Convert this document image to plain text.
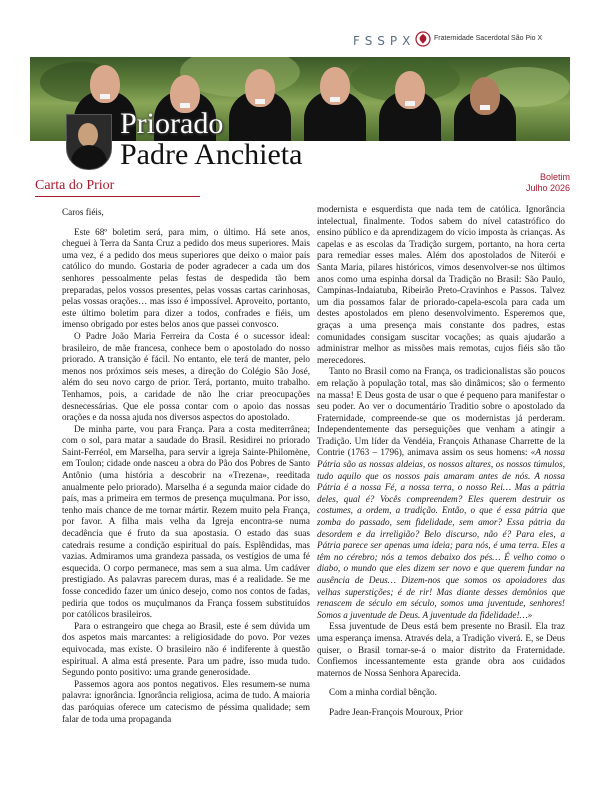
FSSPX	Fraternidade Sacerdotal São Pio X
Priorado
Padre Anchieta
Carta do Prior
Boletim
Julho 2026

Caros fiéis,

Este 68º boletim será, para mim, o último. Há sete anos, cheguei à Terra da Santa Cruz a pedido dos meus superiores. Mais uma vez, é a pedido dos meus superiores que deixo o maior país católico do mundo. Gostaria de poder agradecer a cada um dos senhores pessoalmente pelas festas de despedida tão bem preparadas, pelos vossos presentes, pelas vossas cartas carinhosas, pelas vossas orações… mas isso é impossível. Aproveito, portanto, este último boletim para dizer a todos, confrades e fiéis, um imenso obrigado por estes belos anos que passei convosco.

O Padre João Maria Ferreira da Costa é o sucessor ideal: brasileiro, de mãe francesa, conhece bem o apostolado do nosso priorado. A transição é fácil. No entanto, ele terá de manter, pelo menos nos próximos seis meses, a direção do Colégio São José, além do seu novo cargo de prior. Terá, portanto, muito trabalho. Tenhamos, pois, a caridade de não lhe criar preocupações desnecessárias. Que ele possa contar com o apoio das nossas orações e da nossa ajuda nos diversos aspectos do apostolado.

De minha parte, vou para França. Para a costa mediterrânea; com o sol, para matar a saudade do Brasil. Residirei no priorado Saint-Ferréol, em Marselha, para servir a igreja Sainte-Philomène, em Toulon; cidade onde nasceu a obra do Pão dos Pobres de Santo Antônio (uma história a descobrir na «Trezena», reeditada anualmente pelo priorado). Marselha é a segunda maior cidade do país, mas a primeira em termos de presença muçulmana. Por isso, tenho mais chance de me tornar mártir. Rezem muito pela França, por favor. A filha mais velha da Igreja encontra-se numa decadência que é fruto da sua apostasia. O estado das suas catedrais resume a condição espiritual do país. Esplêndidas, mas vazias. Admiramos uma grandeza passada, os vestígios de uma fé esquecida. O corpo permanece, mas sem a sua alma. Um cadáver prestigiado. As palavras parecem duras, mas é a realidade. Se me fosse concedido fazer um único desejo, como nos contos de fadas, pediria que todos os muçulmanos da França fossem substituídos por católicos brasileiros.

Para o estrangeiro que chega ao Brasil, este é sem dúvida um dos aspetos mais marcantes: a religiosidade do povo. Por vezes equivocada, mas existe. O brasileiro não é indiferente à questão espiritual. A alma está presente. Para um padre, isso muda tudo. Segundo ponto positivo: uma grande generosidade.

Passemos agora aos pontos negativos. Eles resumem-se numa palavra: ignorância. Ignorância religiosa, acima de tudo. A maioria das paróquias oferece um catecismo de péssima qualidade; sem falar de toda uma propaganda

modernista e esquerdista que nada tem de católica. Ignorância intelectual, finalmente. Todos sabem do nível catastrófico do ensino público e da aprendizagem do vício imposta às crianças. As capelas e as escolas da Tradição surgem, portanto, na hora certa para remediar esses males. Além dos apostolados de Niterói e Santa Maria, pilares históricos, vimos desenvolver-se nos últimos anos como uma espinha dorsal da Tradição no Brasil: São Paulo, Campinas-Indaiatuba, Ribeirão Preto-Cravinhos e Passos. Talvez um dia possamos falar de priorado-capela-escola para cada um destes apostolados em pleno desenvolvimento. Esperemos que, graças a uma presença mais constante dos padres, estas comunidades consigam suscitar vocações; as quais ajudarão a administrar melhor as missões mais remotas, cujos fiéis são tão merecedores.

Tanto no Brasil como na França, os tradicionalistas são poucos em relação à população total, mas são dinâmicos; são o fermento na massa! E Deus gosta de usar o que é pequeno para manifestar o seu poder. Ao ver o documentário Traditio sobre o apostolado da Fraternidade, compreende-se que os modernistas já perderam. Independentemente das perseguições que venham a atingir a Tradição. Um líder da Vendéia, François Athanase Charrette de la Contrie (1763 – 1796), animava assim os seus homens: «A nossa Pátria são as nossas aldeias, os nossos altares, os nossos túmulos, tudo aquilo que os nossos pais amaram antes de nós. A nossa Pátria é a nossa Fé, a nossa terra, o nosso Rei… Mas a pátria deles, qual é? Vocês compreendem? Eles querem destruir os costumes, a ordem, a tradição. Então, o que é essa pátria que zomba do passado, sem fidelidade, sem amor? Essa pátria da desordem e da irreligião? Belo discurso, não é? Para eles, a Pátria parece ser apenas uma ideia; para nós, é uma terra. Eles a têm no cérebro; nós a temos debaixo dos pés… É velho como o diabo, o mundo que eles dizem ser novo e que querem fundar na ausência de Deus… Dizem-nos que somos os apoiadores das velhas superstições; é de rir! Mas diante desses demônios que renascem de século em século, somos uma juventude, senhores! Somos a juventude de Deus. A juventude da fidelidade!…»

Essa juventude de Deus está bem presente no Brasil. Ela traz uma esperança imensa. Através dela, a Tradição viverá. E, se Deus quiser, o Brasil tornar-se-á o maior distrito da Fraternidade. Confiemos incessantemente esta grande obra aos cuidados maternos de Nossa Senhora Aparecida.

Com a minha cordial bênção.

Padre Jean-François Mouroux, Prior
